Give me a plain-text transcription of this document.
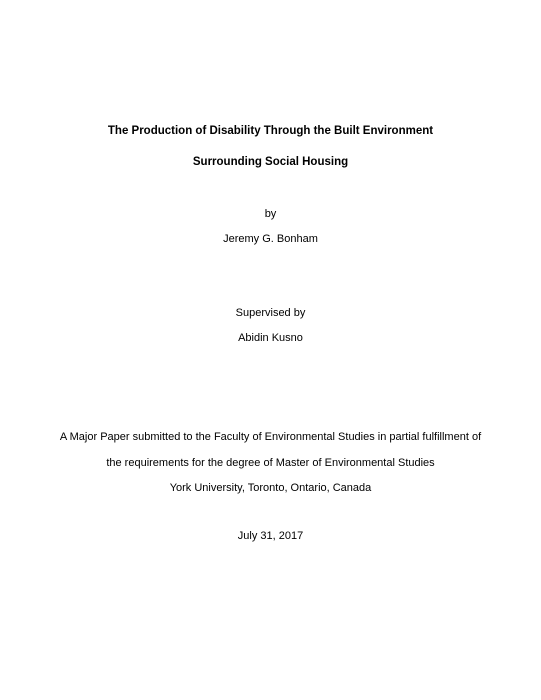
The Production of Disability Through the Built Environment
Surrounding Social Housing
by
Jeremy G. Bonham
Supervised by
Abidin Kusno
A Major Paper submitted to the Faculty of Environmental Studies in partial fulfillment of
the requirements for the degree of Master of Environmental Studies
York University, Toronto, Ontario, Canada
July 31, 2017
